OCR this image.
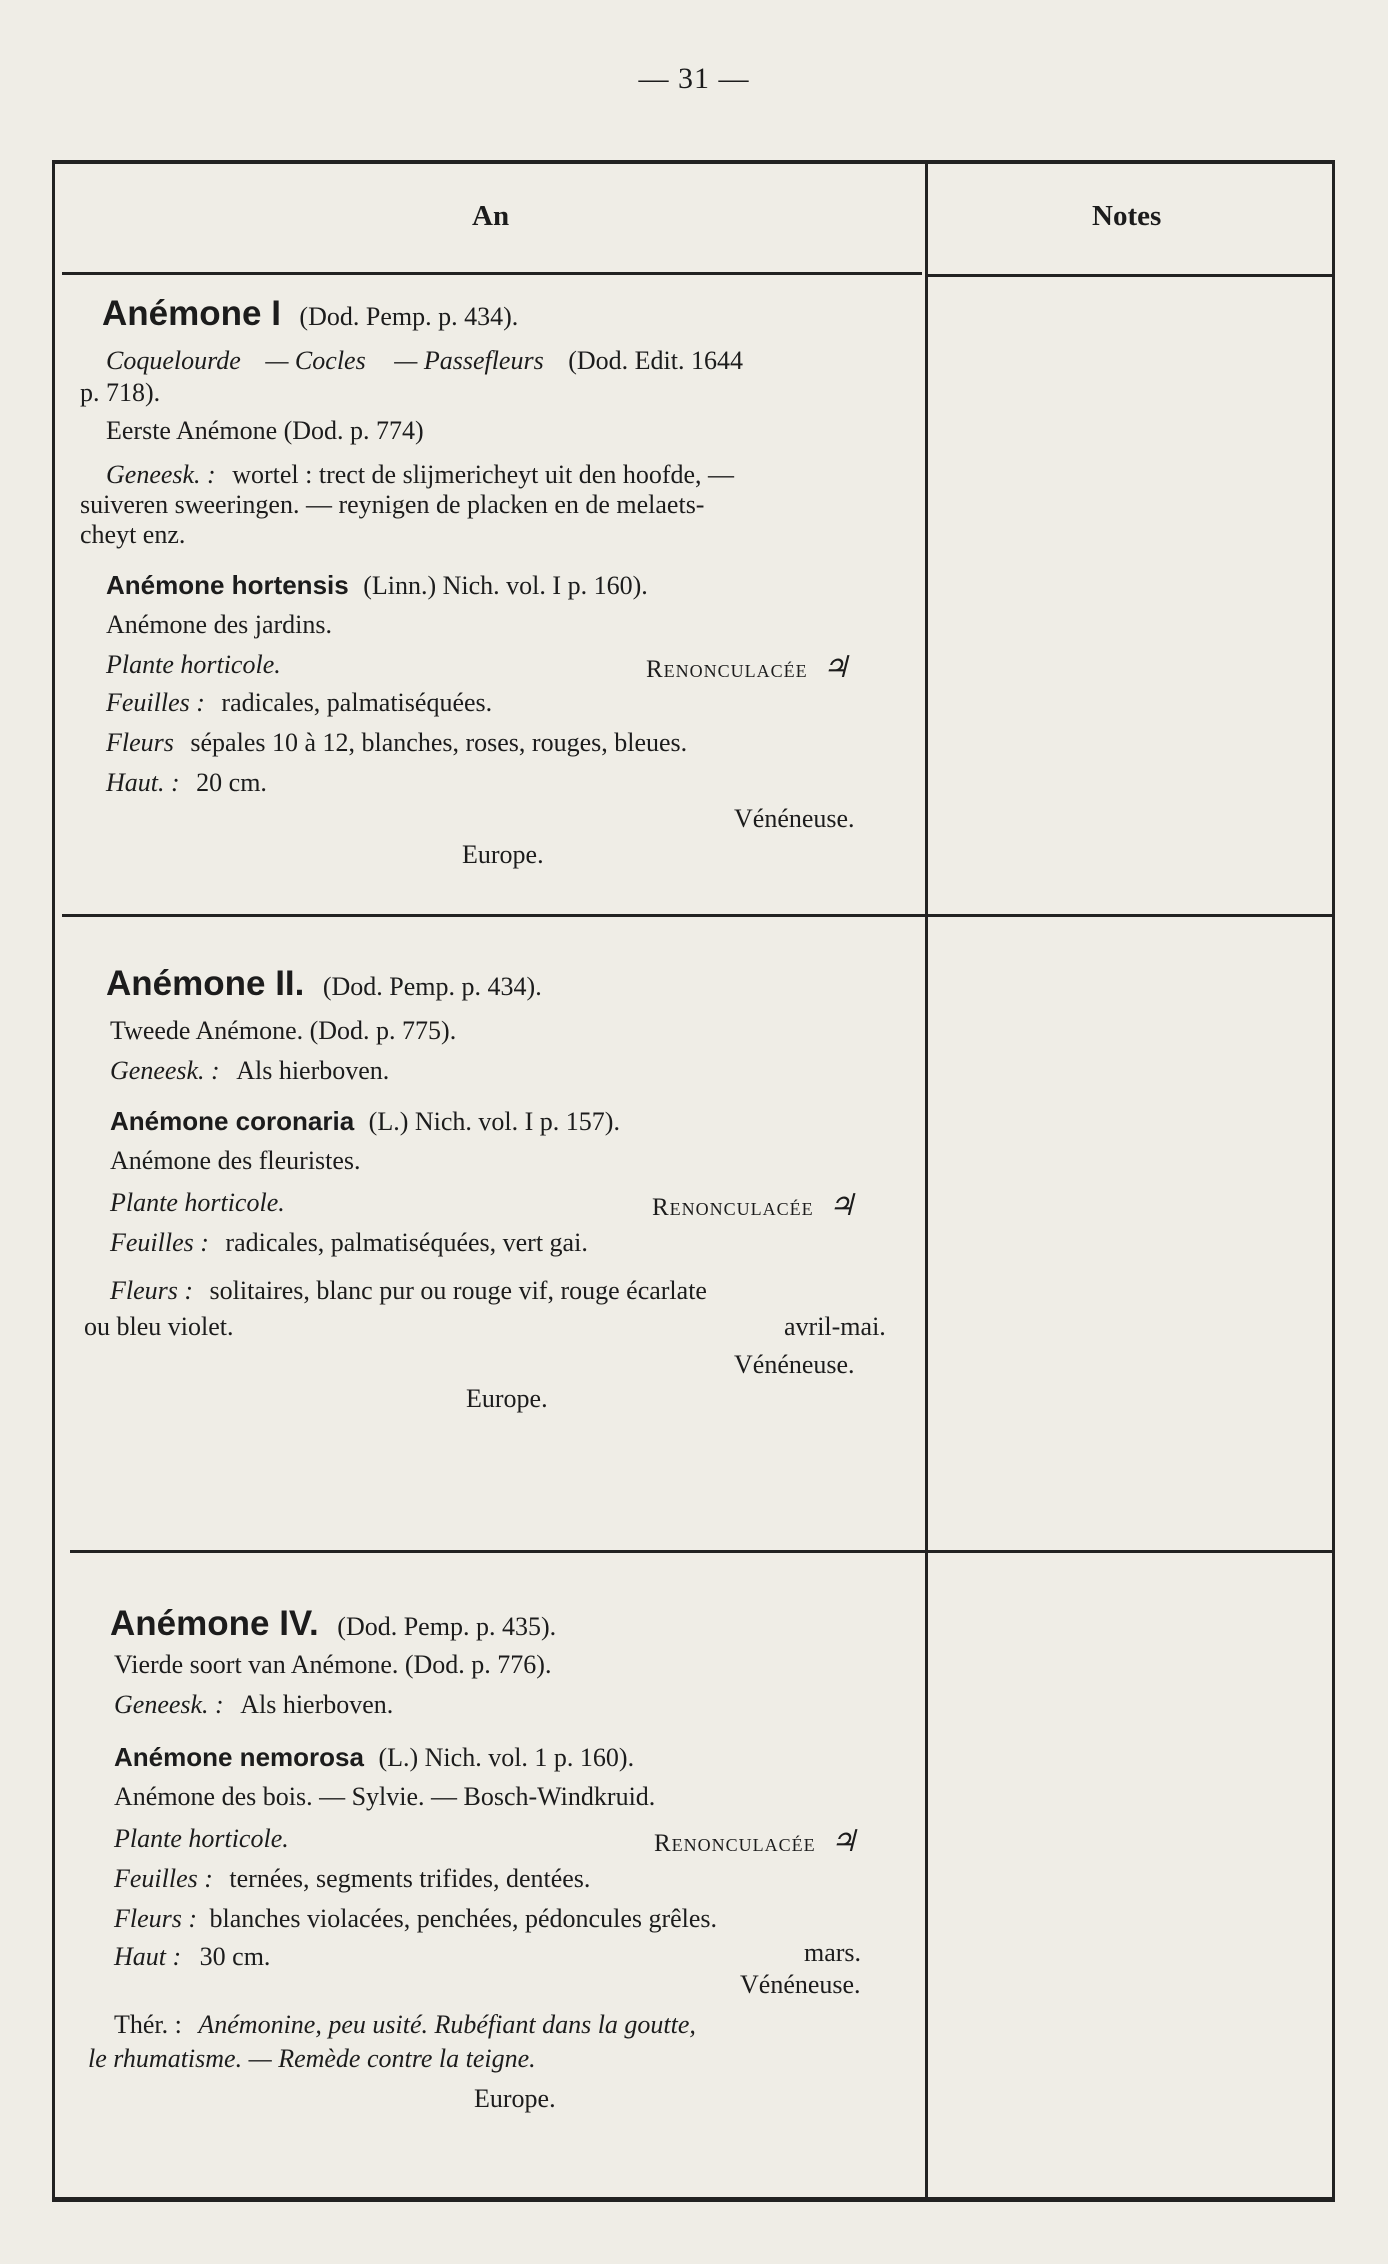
— 31 —
An	Notes
Anémone I (Dod. Pemp. p. 434).
Coquelourde — Cocles — Passefleurs (Dod. Edit. 1644
p. 718).
Eerste Anémone (Dod. p. 774)
Geneesk. : wortel : trect de slijmericheyt uit den hoofde, —
suiveren sweeringen. — reynigen de placken en de melaets-
cheyt enz.
Anémone hortensis (Linn.) Nich. vol. I p. 160).
Anémone des jardins.
Plante horticole.	Renonculacée ♃
Feuilles : radicales, palmatiséquées.
Fleurs sépales 10 à 12, blanches, roses, rouges, bleues.
Haut. : 20 cm.
Vénéneuse.
Europe.
Anémone II. (Dod. Pemp. p. 434).
Tweede Anémone. (Dod. p. 775).
Geneesk. : Als hierboven.
Anémone coronaria (L.) Nich. vol. I p. 157).
Anémone des fleuristes.
Plante horticole.	Renonculacée ♃
Feuilles : radicales, palmatiséquées, vert gai.
Fleurs : solitaires, blanc pur ou rouge vif, rouge écarlate
ou bleu violet.	avril-mai.
Vénéneuse.
Europe.
Anémone IV. (Dod. Pemp. p. 435).
Vierde soort van Anémone. (Dod. p. 776).
Geneesk. : Als hierboven.
Anémone nemorosa (L.) Nich. vol. 1 p. 160).
Anémone des bois. — Sylvie. — Bosch-Windkruid.
Plante horticole.	Renonculacée ♃
Feuilles : ternées, segments trifides, dentées.
Fleurs : blanches violacées, penchées, pédoncules grêles.
Haut : 30 cm.	mars.
Vénéneuse.
Thér. : Anémonine, peu usité. Rubéfiant dans la goutte,
le rhumatisme. — Remède contre la teigne.
Europe.
